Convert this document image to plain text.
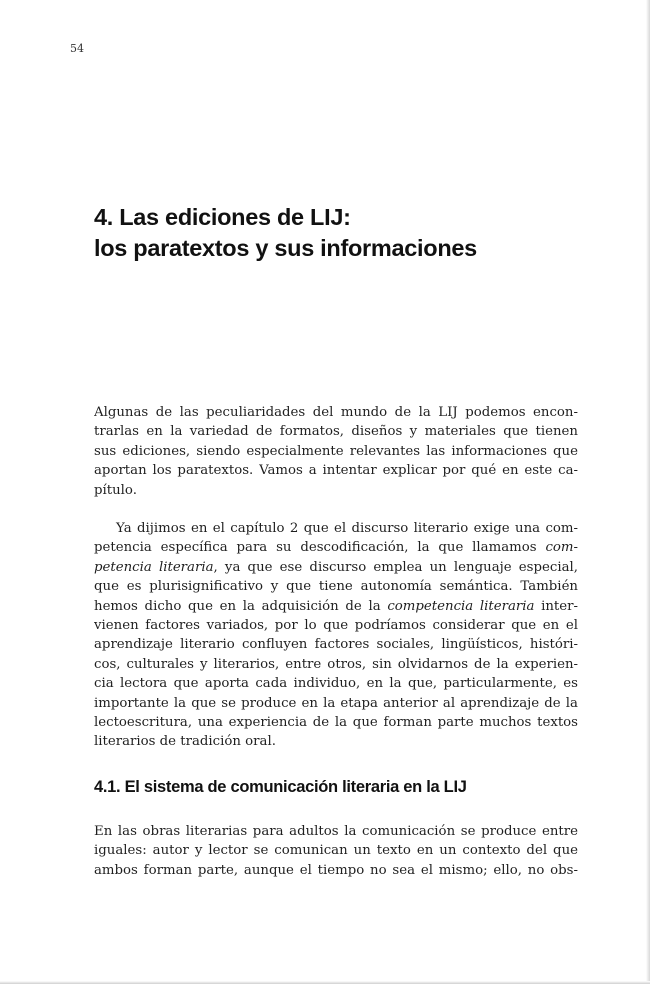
54
4. Las ediciones de LIJ:
los paratextos y sus informaciones
Algunas de las peculiaridades del mundo de la LIJ podemos encon-
trarlas en la variedad de formatos, diseños y materiales que tienen
sus ediciones, siendo especialmente relevantes las informaciones que
aportan los paratextos. Vamos a intentar explicar por qué en este ca-
pítulo.
Ya dijimos en el capítulo 2 que el discurso literario exige una com-
petencia específica para su descodificación, la que llamamos com-
petencia literaria, ya que ese discurso emplea un lenguaje especial,
que es plurisignificativo y que tiene autonomía semántica. También
hemos dicho que en la adquisición de la competencia literaria inter-
vienen factores variados, por lo que podríamos considerar que en el
aprendizaje literario confluyen factores sociales, lingüísticos, históri-
cos, culturales y literarios, entre otros, sin olvidarnos de la experien-
cia lectora que aporta cada individuo, en la que, particularmente, es
importante la que se produce en la etapa anterior al aprendizaje de la
lectoescritura, una experiencia de la que forman parte muchos textos
literarios de tradición oral.
4.1. El sistema de comunicación literaria en la LIJ
En las obras literarias para adultos la comunicación se produce entre
iguales: autor y lector se comunican un texto en un contexto del que
ambos forman parte, aunque el tiempo no sea el mismo; ello, no obs-
